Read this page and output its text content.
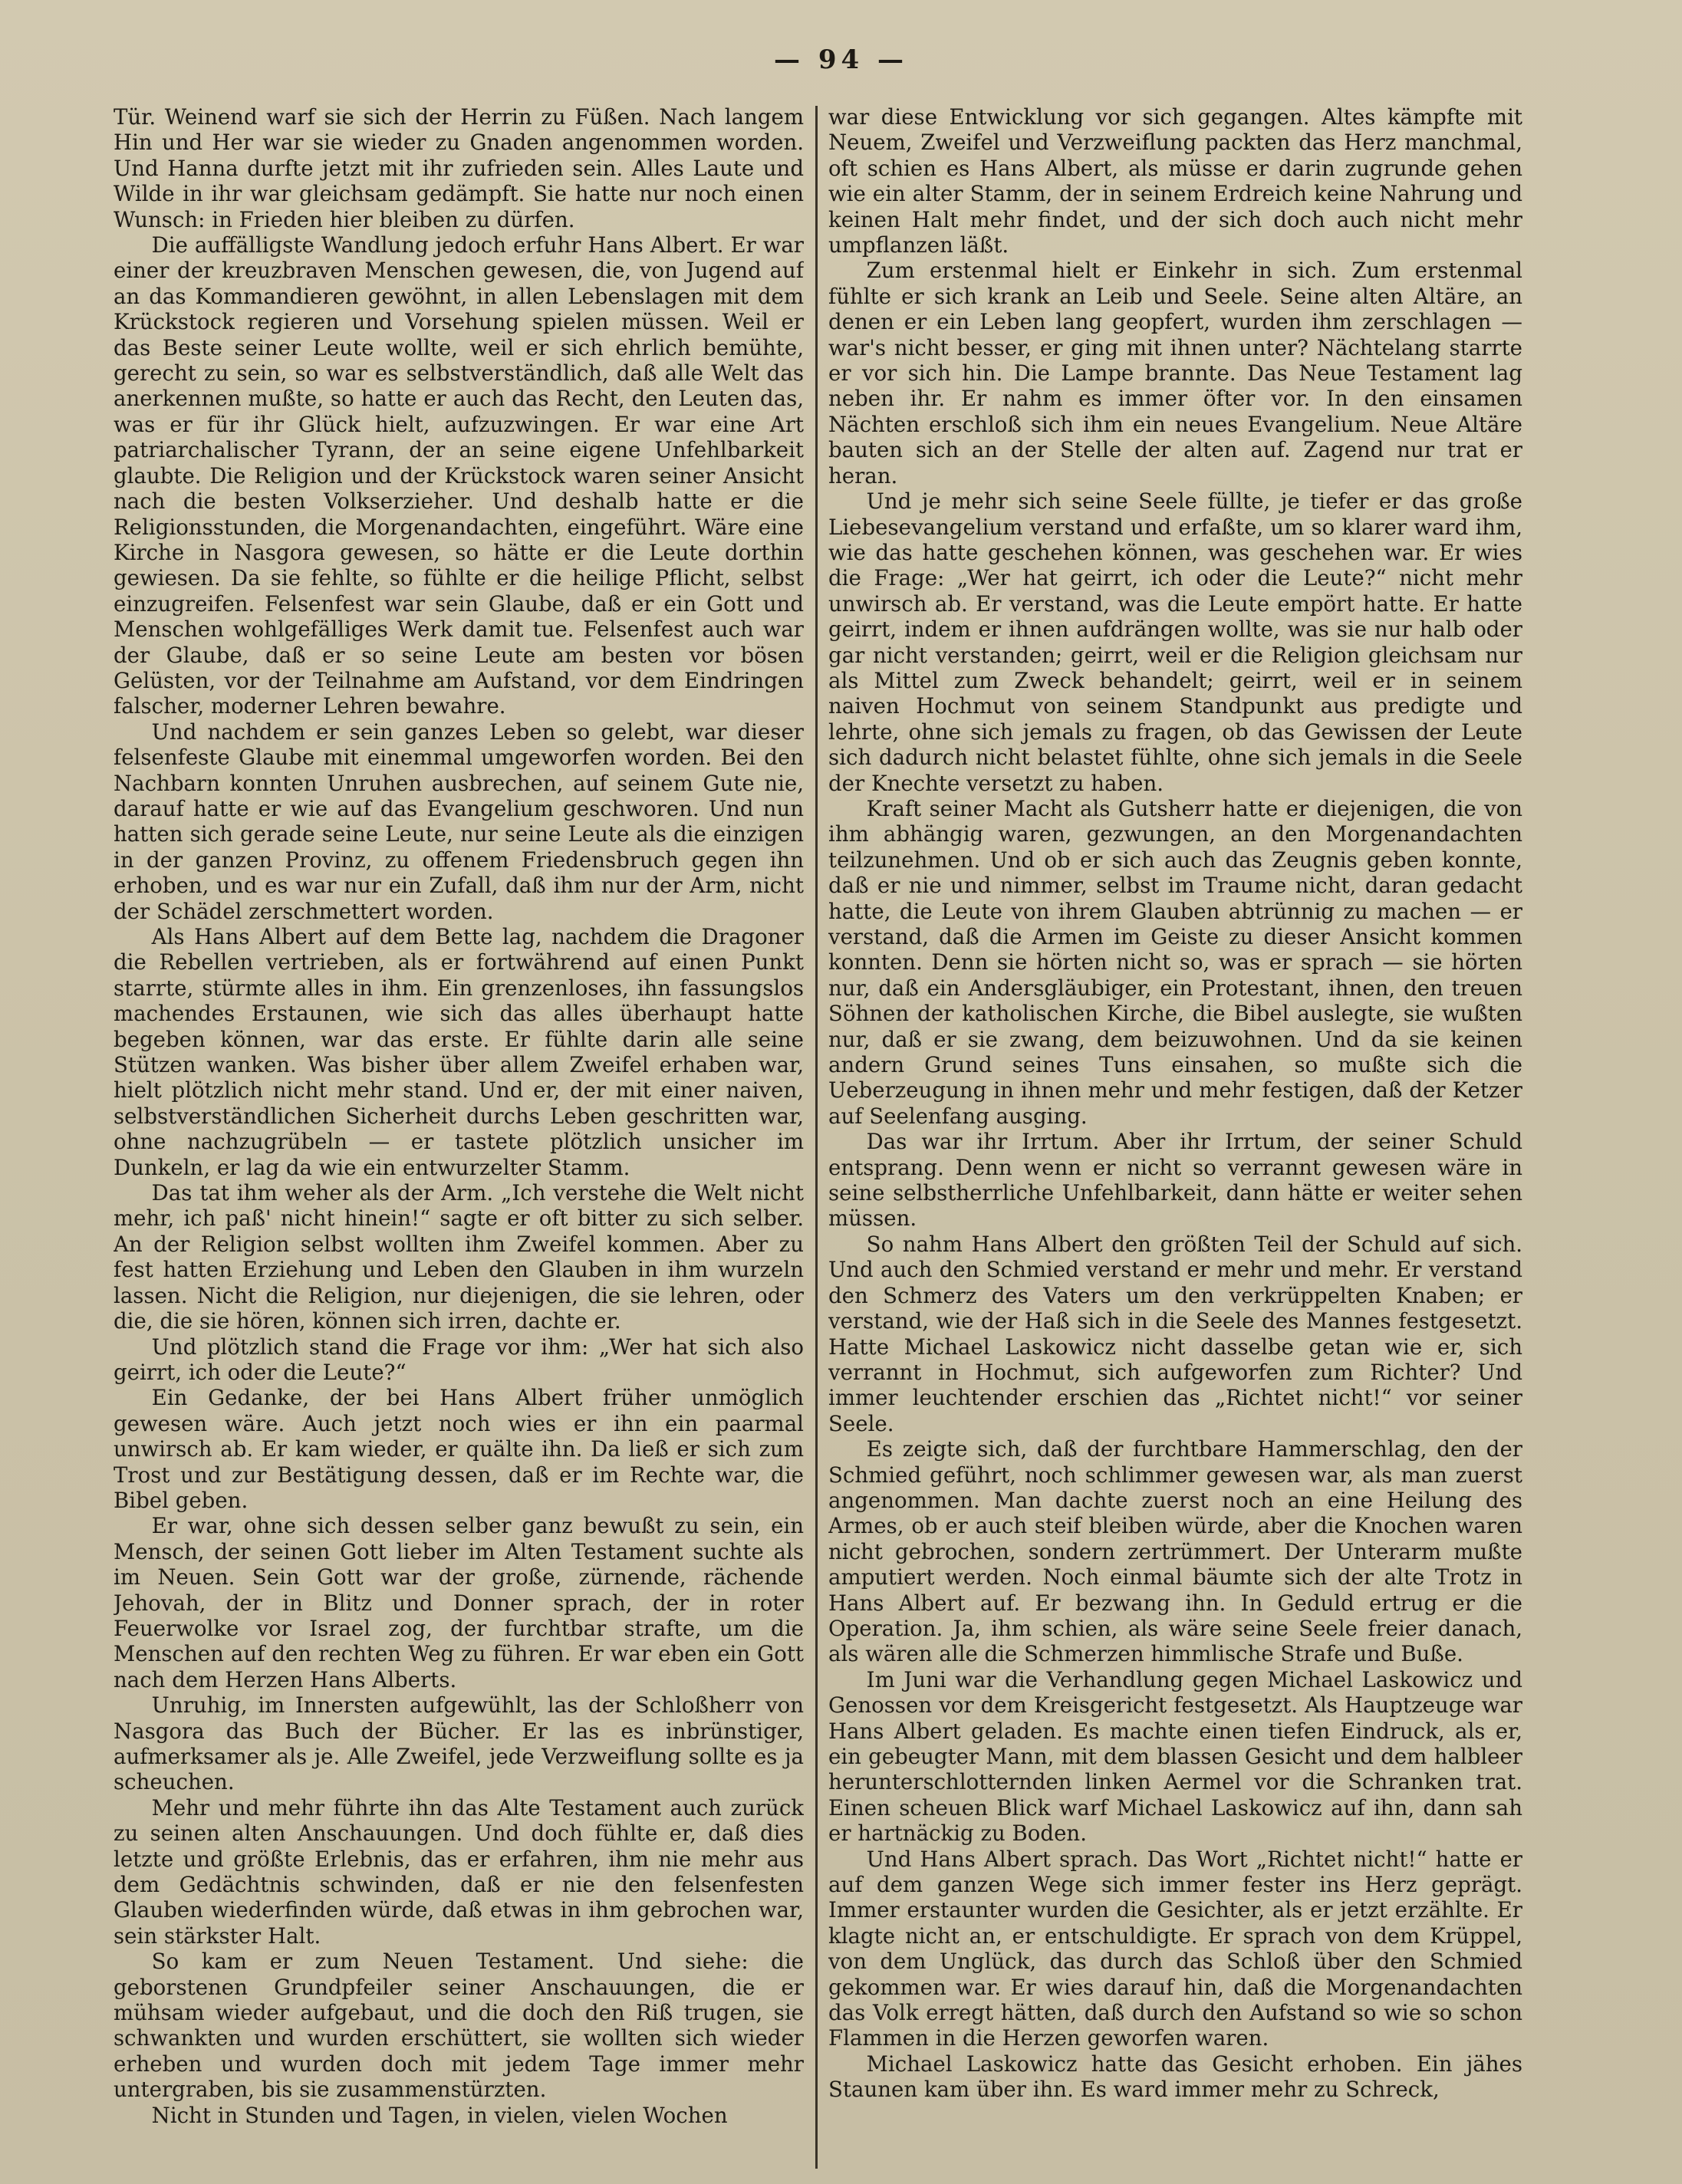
— 94 —

Tür. Weinend warf sie sich der Herrin zu Füßen. Nach langem Hin und Her war sie wieder zu Gnaden angenommen worden. Und Hanna durfte jetzt mit ihr zufrieden sein. Alles Laute und Wilde in ihr war gleichsam gedämpft. Sie hatte nur noch einen Wunsch: in Frieden hier bleiben zu dürfen.

Die auffälligste Wandlung jedoch erfuhr Hans Albert. Er war einer der kreuzbraven Menschen gewesen, die, von Jugend auf an das Kommandieren gewöhnt, in allen Lebenslagen mit dem Krückstock regieren und Vorsehung spielen müssen. Weil er das Beste seiner Leute wollte, weil er sich ehrlich bemühte, gerecht zu sein, so war es selbstverständlich, daß alle Welt das anerkennen mußte, so hatte er auch das Recht, den Leuten das, was er für ihr Glück hielt, aufzuzwingen. Er war eine Art patriarchalischer Tyrann, der an seine eigene Unfehlbarkeit glaubte. Die Religion und der Krückstock waren seiner Ansicht nach die besten Volkserzieher. Und deshalb hatte er die Religionsstunden, die Morgenandachten, eingeführt. Wäre eine Kirche in Nasgora gewesen, so hätte er die Leute dorthin gewiesen. Da sie fehlte, so fühlte er die heilige Pflicht, selbst einzugreifen. Felsenfest war sein Glaube, daß er ein Gott und Menschen wohlgefälliges Werk damit tue. Felsenfest auch war der Glaube, daß er so seine Leute am besten vor bösen Gelüsten, vor der Teilnahme am Aufstand, vor dem Eindringen falscher, moderner Lehren bewahre.

Und nachdem er sein ganzes Leben so gelebt, war dieser felsenfeste Glaube mit einemmal umgeworfen worden. Bei den Nachbarn konnten Unruhen ausbrechen, auf seinem Gute nie, darauf hatte er wie auf das Evangelium geschworen. Und nun hatten sich gerade seine Leute, nur seine Leute als die einzigen in der ganzen Provinz, zu offenem Friedensbruch gegen ihn erhoben, und es war nur ein Zufall, daß ihm nur der Arm, nicht der Schädel zerschmettert worden.

Als Hans Albert auf dem Bette lag, nachdem die Dragoner die Rebellen vertrieben, als er fortwährend auf einen Punkt starrte, stürmte alles in ihm. Ein grenzenloses, ihn fassungslos machendes Erstaunen, wie sich das alles überhaupt hatte begeben können, war das erste. Er fühlte darin alle seine Stützen wanken. Was bisher über allem Zweifel erhaben war, hielt plötzlich nicht mehr stand. Und er, der mit einer naiven, selbstverständlichen Sicherheit durchs Leben geschritten war, ohne nachzugrübeln — er tastete plötzlich unsicher im Dunkeln, er lag da wie ein entwurzelter Stamm.

Das tat ihm weher als der Arm. „Ich verstehe die Welt nicht mehr, ich paß' nicht hinein!“ sagte er oft bitter zu sich selber. An der Religion selbst wollten ihm Zweifel kommen. Aber zu fest hatten Erziehung und Leben den Glauben in ihm wurzeln lassen. Nicht die Religion, nur diejenigen, die sie lehren, oder die, die sie hören, können sich irren, dachte er.

Und plötzlich stand die Frage vor ihm: „Wer hat sich also geirrt, ich oder die Leute?“

Ein Gedanke, der bei Hans Albert früher unmöglich gewesen wäre. Auch jetzt noch wies er ihn ein paarmal unwirsch ab. Er kam wieder, er quälte ihn. Da ließ er sich zum Trost und zur Bestätigung dessen, daß er im Rechte war, die Bibel geben.

Er war, ohne sich dessen selber ganz bewußt zu sein, ein Mensch, der seinen Gott lieber im Alten Testament suchte als im Neuen. Sein Gott war der große, zürnende, rächende Jehovah, der in Blitz und Donner sprach, der in roter Feuerwolke vor Israel zog, der furchtbar strafte, um die Menschen auf den rechten Weg zu führen. Er war eben ein Gott nach dem Herzen Hans Alberts.

Unruhig, im Innersten aufgewühlt, las der Schloßherr von Nasgora das Buch der Bücher. Er las es inbrünstiger, aufmerksamer als je. Alle Zweifel, jede Verzweiflung sollte es ja scheuchen.

Mehr und mehr führte ihn das Alte Testament auch zurück zu seinen alten Anschauungen. Und doch fühlte er, daß dies letzte und größte Erlebnis, das er erfahren, ihm nie mehr aus dem Gedächtnis schwinden, daß er nie den felsenfesten Glauben wiederfinden würde, daß etwas in ihm gebrochen war, sein stärkster Halt.

So kam er zum Neuen Testament. Und siehe: die geborstenen Grundpfeiler seiner Anschauungen, die er mühsam wieder aufgebaut, und die doch den Riß trugen, sie schwankten und wurden erschüttert, sie wollten sich wieder erheben und wurden doch mit jedem Tage immer mehr untergraben, bis sie zusammenstürzten.

Nicht in Stunden und Tagen, in vielen, vielen Wochen

war diese Entwicklung vor sich gegangen. Altes kämpfte mit Neuem, Zweifel und Verzweiflung packten das Herz manchmal, oft schien es Hans Albert, als müsse er darin zugrunde gehen wie ein alter Stamm, der in seinem Erdreich keine Nahrung und keinen Halt mehr findet, und der sich doch auch nicht mehr umpflanzen läßt.

Zum erstenmal hielt er Einkehr in sich. Zum erstenmal fühlte er sich krank an Leib und Seele. Seine alten Altäre, an denen er ein Leben lang geopfert, wurden ihm zerschlagen — war's nicht besser, er ging mit ihnen unter? Nächtelang starrte er vor sich hin. Die Lampe brannte. Das Neue Testament lag neben ihr. Er nahm es immer öfter vor. In den einsamen Nächten erschloß sich ihm ein neues Evangelium. Neue Altäre bauten sich an der Stelle der alten auf. Zagend nur trat er heran.

Und je mehr sich seine Seele füllte, je tiefer er das große Liebesevangelium verstand und erfaßte, um so klarer ward ihm, wie das hatte geschehen können, was geschehen war. Er wies die Frage: „Wer hat geirrt, ich oder die Leute?“ nicht mehr unwirsch ab. Er verstand, was die Leute empört hatte. Er hatte geirrt, indem er ihnen aufdrängen wollte, was sie nur halb oder gar nicht verstanden; geirrt, weil er die Religion gleichsam nur als Mittel zum Zweck behandelt; geirrt, weil er in seinem naiven Hochmut von seinem Standpunkt aus predigte und lehrte, ohne sich jemals zu fragen, ob das Gewissen der Leute sich dadurch nicht belastet fühlte, ohne sich jemals in die Seele der Knechte versetzt zu haben.

Kraft seiner Macht als Gutsherr hatte er diejenigen, die von ihm abhängig waren, gezwungen, an den Morgenandachten teilzunehmen. Und ob er sich auch das Zeugnis geben konnte, daß er nie und nimmer, selbst im Traume nicht, daran gedacht hatte, die Leute von ihrem Glauben abtrünnig zu machen — er verstand, daß die Armen im Geiste zu dieser Ansicht kommen konnten. Denn sie hörten nicht so, was er sprach — sie hörten nur, daß ein Andersgläubiger, ein Protestant, ihnen, den treuen Söhnen der katholischen Kirche, die Bibel auslegte, sie wußten nur, daß er sie zwang, dem beizuwohnen. Und da sie keinen andern Grund seines Tuns einsahen, so mußte sich die Ueberzeugung in ihnen mehr und mehr festigen, daß der Ketzer auf Seelenfang ausging.

Das war ihr Irrtum. Aber ihr Irrtum, der seiner Schuld entsprang. Denn wenn er nicht so verrannt gewesen wäre in seine selbstherrliche Unfehlbarkeit, dann hätte er weiter sehen müssen.

So nahm Hans Albert den größten Teil der Schuld auf sich. Und auch den Schmied verstand er mehr und mehr. Er verstand den Schmerz des Vaters um den verkrüppelten Knaben; er verstand, wie der Haß sich in die Seele des Mannes festgesetzt. Hatte Michael Laskowicz nicht dasselbe getan wie er, sich verrannt in Hochmut, sich aufgeworfen zum Richter? Und immer leuchtender erschien das „Richtet nicht!“ vor seiner Seele.

Es zeigte sich, daß der furchtbare Hammerschlag, den der Schmied geführt, noch schlimmer gewesen war, als man zuerst angenommen. Man dachte zuerst noch an eine Heilung des Armes, ob er auch steif bleiben würde, aber die Knochen waren nicht gebrochen, sondern zertrümmert. Der Unterarm mußte amputiert werden. Noch einmal bäumte sich der alte Trotz in Hans Albert auf. Er bezwang ihn. In Geduld ertrug er die Operation. Ja, ihm schien, als wäre seine Seele freier danach, als wären alle die Schmerzen himmlische Strafe und Buße.

Im Juni war die Verhandlung gegen Michael Laskowicz und Genossen vor dem Kreisgericht festgesetzt. Als Hauptzeuge war Hans Albert geladen. Es machte einen tiefen Eindruck, als er, ein gebeugter Mann, mit dem blassen Gesicht und dem halbleer herunterschlotternden linken Aermel vor die Schranken trat. Einen scheuen Blick warf Michael Laskowicz auf ihn, dann sah er hartnäckig zu Boden.

Und Hans Albert sprach. Das Wort „Richtet nicht!“ hatte er auf dem ganzen Wege sich immer fester ins Herz geprägt. Immer erstaunter wurden die Gesichter, als er jetzt erzählte. Er klagte nicht an, er entschuldigte. Er sprach von dem Krüppel, von dem Unglück, das durch das Schloß über den Schmied gekommen war. Er wies darauf hin, daß die Morgenandachten das Volk erregt hätten, daß durch den Aufstand so wie so schon Flammen in die Herzen geworfen waren.

Michael Laskowicz hatte das Gesicht erhoben. Ein jähes Staunen kam über ihn. Es ward immer mehr zu Schreck,
